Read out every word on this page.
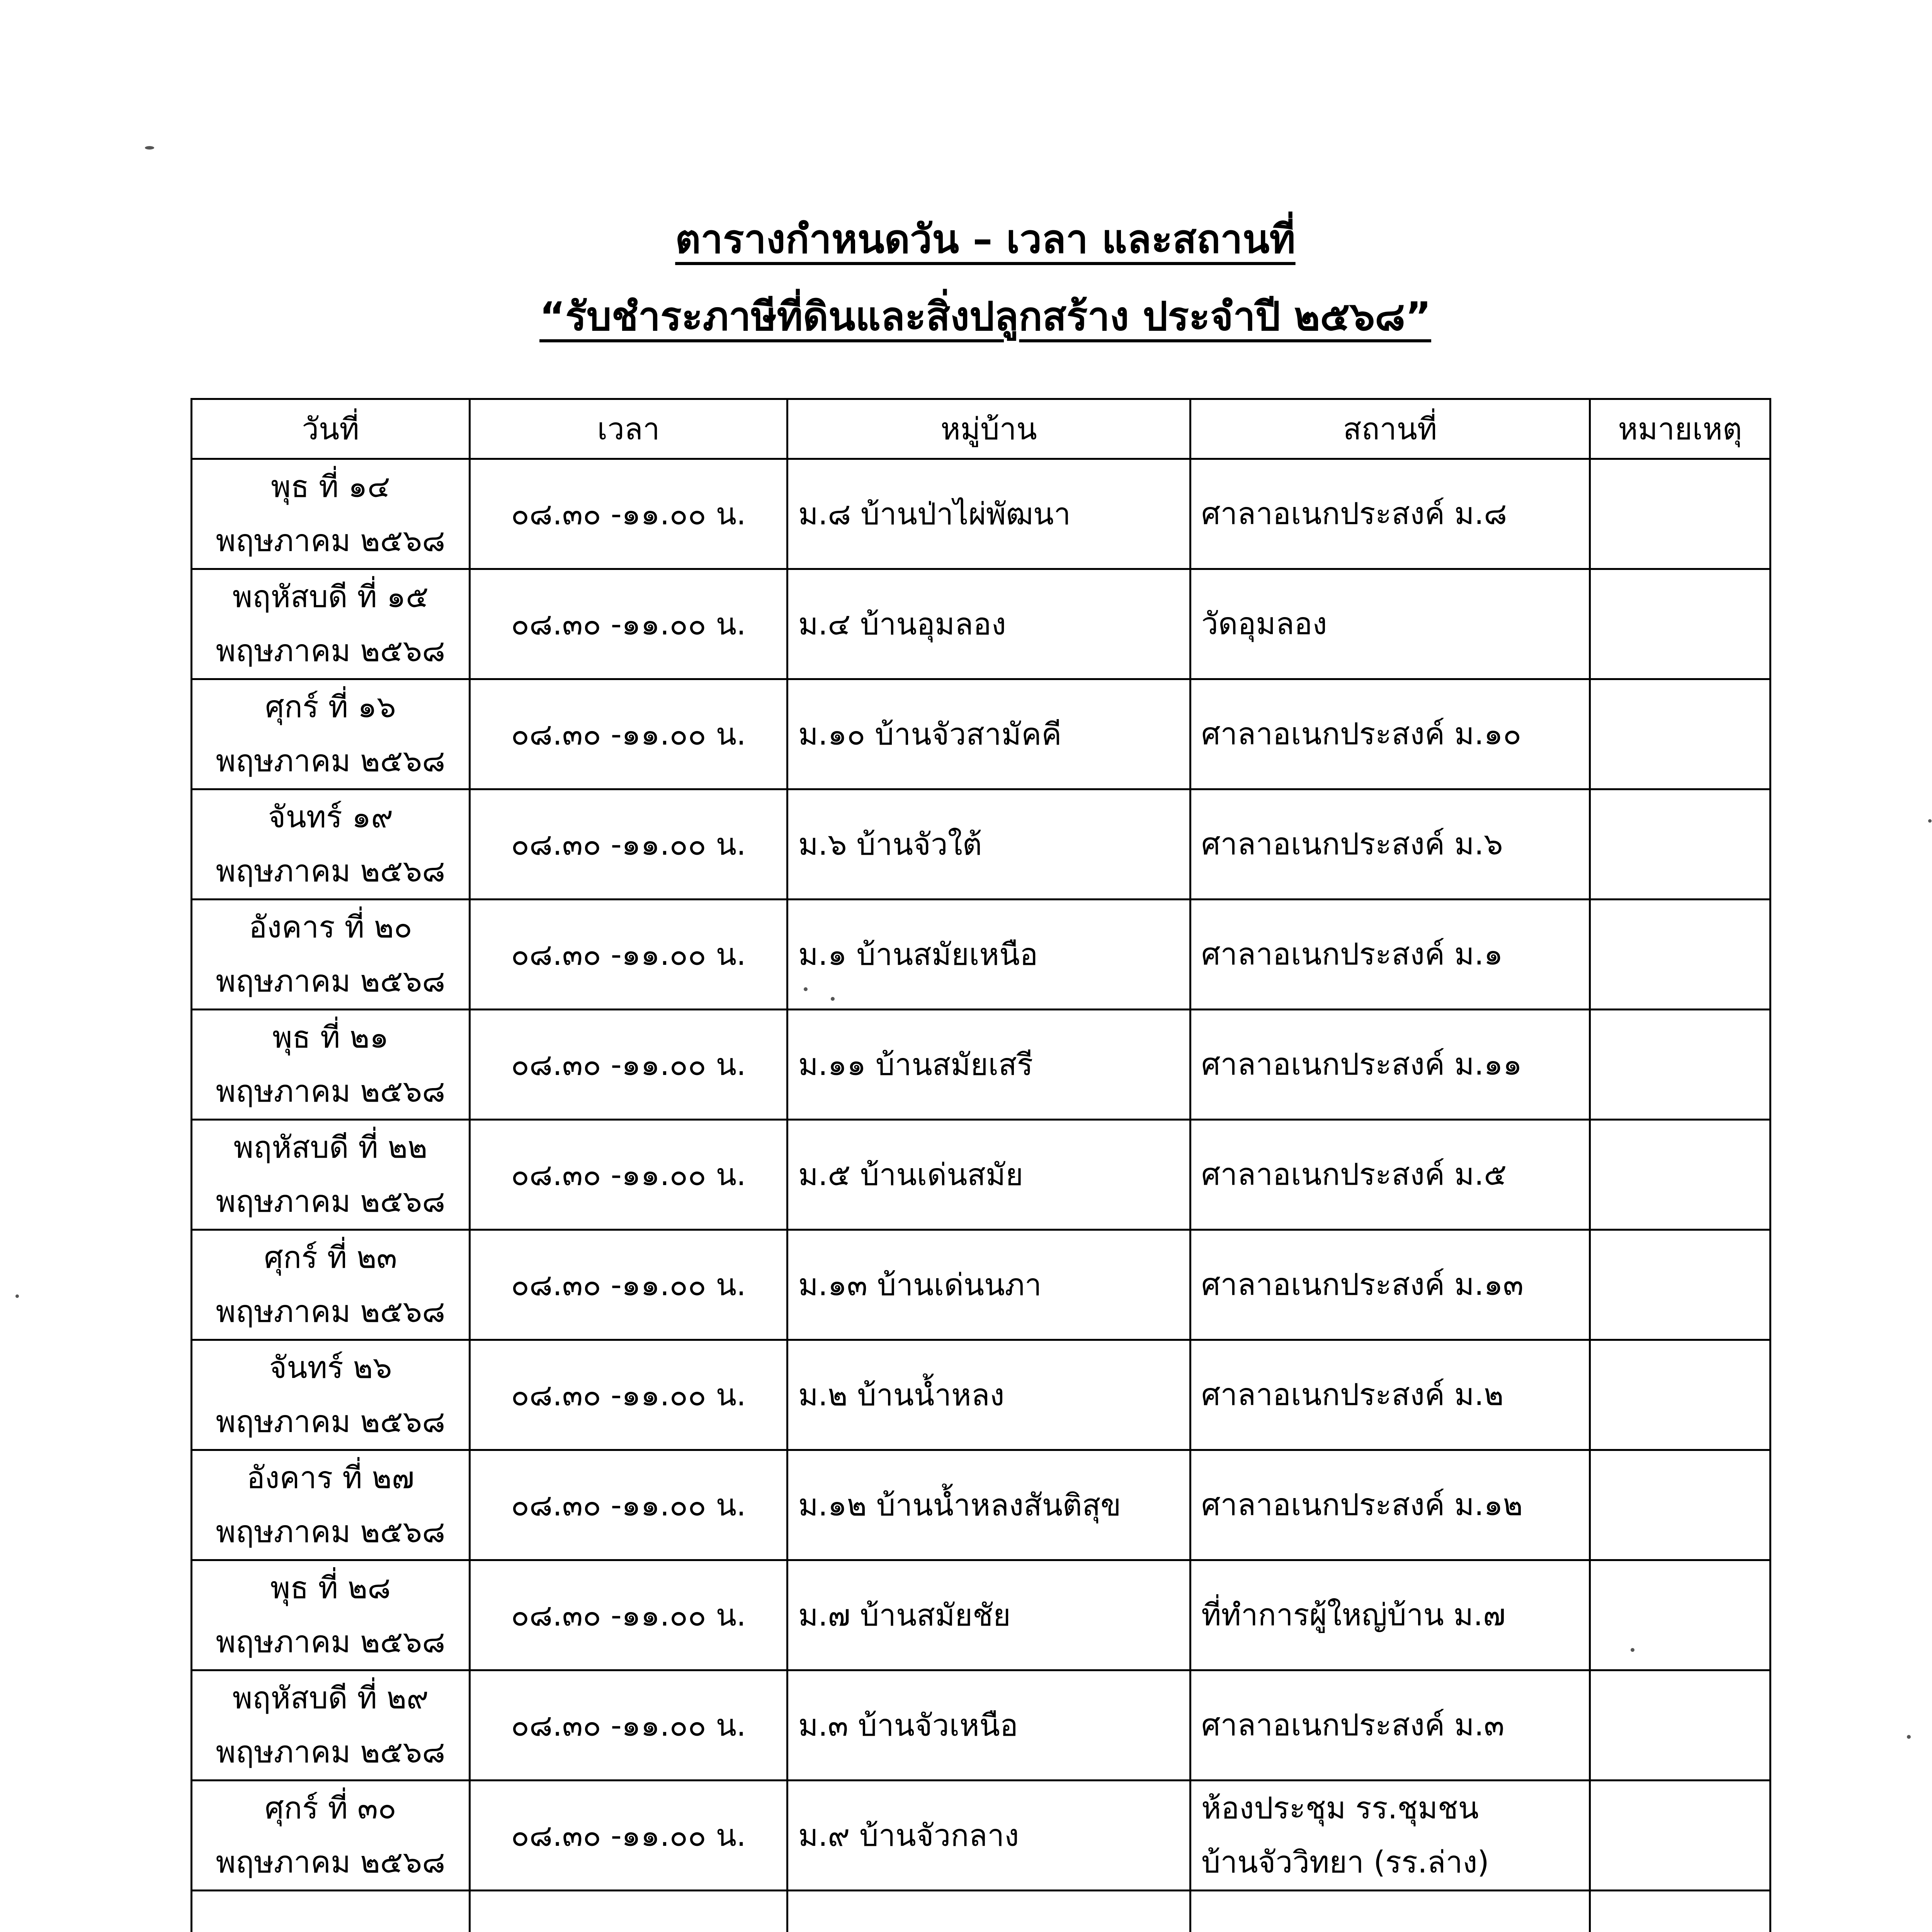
ตารางกำหนดวัน – เวลา และสถานที่
“รับชำระภาษีที่ดินและสิ่งปลูกสร้าง ประจำปี ๒๕๖๘”
วันที่	เวลา	หมู่บ้าน	สถานที่	หมายเหตุ

พุธ ที่ ๑๔
พฤษภาคม ๒๕๖๘	๐๘.๓๐ -๑๑.๐๐ น.	ม.๘ บ้านป่าไผ่พัฒนา	ศาลาอเนกประสงค์ ม.๘	

พฤหัสบดี ที่ ๑๕
พฤษภาคม ๒๕๖๘	๐๘.๓๐ -๑๑.๐๐ น.	ม.๔ บ้านอุมลอง	วัดอุมลอง	

ศุกร์ ที่ ๑๖
พฤษภาคม ๒๕๖๘	๐๘.๓๐ -๑๑.๐๐ น.	ม.๑๐ บ้านจัวสามัคคี	ศาลาอเนกประสงค์ ม.๑๐	

จันทร์ ๑๙
พฤษภาคม ๒๕๖๘	๐๘.๓๐ -๑๑.๐๐ น.	ม.๖ บ้านจัวใต้	ศาลาอเนกประสงค์ ม.๖	

อังคาร ที่ ๒๐
พฤษภาคม ๒๕๖๘	๐๘.๓๐ -๑๑.๐๐ น.	ม.๑ บ้านสมัยเหนือ	ศาลาอเนกประสงค์ ม.๑	

พุธ ที่ ๒๑
พฤษภาคม ๒๕๖๘	๐๘.๓๐ -๑๑.๐๐ น.	ม.๑๑ บ้านสมัยเสรี	ศาลาอเนกประสงค์ ม.๑๑	

พฤหัสบดี ที่ ๒๒
พฤษภาคม ๒๕๖๘	๐๘.๓๐ -๑๑.๐๐ น.	ม.๕ บ้านเด่นสมัย	ศาลาอเนกประสงค์ ม.๕	

ศุกร์ ที่ ๒๓
พฤษภาคม ๒๕๖๘	๐๘.๓๐ -๑๑.๐๐ น.	ม.๑๓ บ้านเด่นนภา	ศาลาอเนกประสงค์ ม.๑๓	

จันทร์ ๒๖
พฤษภาคม ๒๕๖๘	๐๘.๓๐ -๑๑.๐๐ น.	ม.๒ บ้านน้ำหลง	ศาลาอเนกประสงค์ ม.๒	

อังคาร ที่ ๒๗
พฤษภาคม ๒๕๖๘	๐๘.๓๐ -๑๑.๐๐ น.	ม.๑๒ บ้านน้ำหลงสันติสุข	ศาลาอเนกประสงค์ ม.๑๒	

พุธ ที่ ๒๘
พฤษภาคม ๒๕๖๘	๐๘.๓๐ -๑๑.๐๐ น.	ม.๗ บ้านสมัยชัย	ที่ทำการผู้ใหญ่บ้าน ม.๗	

พฤหัสบดี ที่ ๒๙
พฤษภาคม ๒๕๖๘	๐๘.๓๐ -๑๑.๐๐ น.	ม.๓ บ้านจัวเหนือ	ศาลาอเนกประสงค์ ม.๓	

ศุกร์ ที่ ๓๐
พฤษภาคม ๒๕๖๘	๐๘.๓๐ -๑๑.๐๐ น.	ม.๙ บ้านจัวกลาง	ห้องประชุม รร.ชุมชน
บ้านจัววิทยา (รร.ล่าง)	
